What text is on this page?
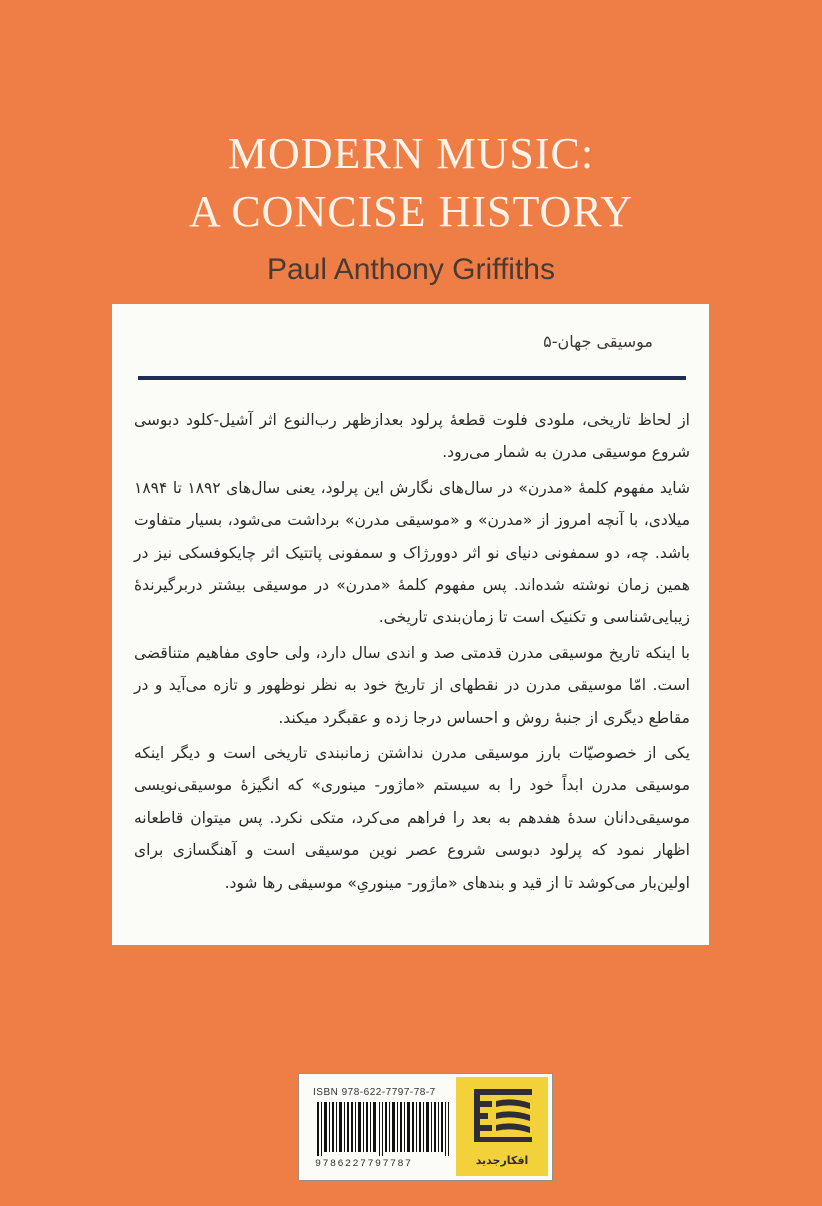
MODERN MUSIC:
A CONCISE HISTORY
Paul Anthony Griffiths
موسیقی جهان-۵

از لحاظ تاریخی، ملودی فلوت قطعهٔ پرلود بعدازظهر رب‌النوع اثر آشیل-کلود دبوسی شروع موسیقی مدرن به شمار می‌رود.

شاید مفهوم کلمهٔ «مدرن» در سال‌های نگارش این پرلود، یعنی سال‌های ۱۸۹۲ تا ۱۸۹۴ میلادی، با آنچه امروز از «مدرن» و «موسیقی مدرن» برداشت می‌شود، بسیار متفاوت باشد. چه، دو سمفونی دنیای نو اثر دوورژاک و سمفونی پاتتیک اثر چایکوفسکی نیز در همین زمان نوشته شده‌اند. پس مفهوم کلمهٔ «مدرن» در موسیقی بیشتر دربرگیرندهٔ زیبایی‌شناسی و تکنیک است تا زمان‌بندی تاریخی.

با اینکه تاریخ موسیقی مدرن قدمتی صد و اندی سال دارد، ولی حاوی مفاهیم متناقضی است. امّا موسیقی مدرن در نقطهای از تاریخ خود به نظر نوظهور و تازه می‌آید و در مقاطع دیگری از جنبهٔ روش و احساس درجا زده و عقبگرد میکند.

یکی از خصوصیّات بارز موسیقی مدرن نداشتن زمانبندی تاریخی است و دیگر اینکه موسیقی مدرن ابداً خود را به سیستم «ماژور- مینوری» که انگیزهٔ موسیقی‌نویسی موسیقی‌دانان سدهٔ هفدهم به بعد را فراهم می‌کرد، متکی نکرد. پس میتوان قاطعانه اظهار نمود که پرلود دبوسی شروع عصر نوین موسیقی است و آهنگسازی برای اولین‌بار می‌کوشد تا از قید و بندهای «ماژور- مینوریِ» موسیقی رها شود.

ISBN 978-622-7797-78-7
9786227797787	افکارجدید
